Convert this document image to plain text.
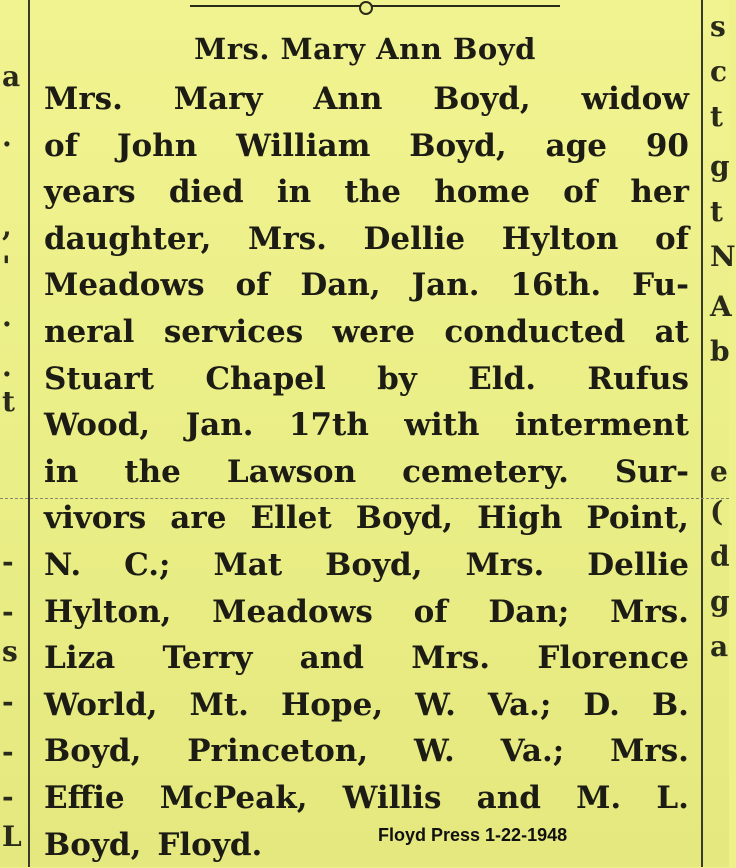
Mrs. Mary Ann Boyd
Mrs. Mary Ann Boyd, widow
of John William Boyd, age 90
years died in the home of her
daughter, Mrs. Dellie Hylton of
Meadows of Dan, Jan. 16th. Fu-
neral services were conducted at
Stuart Chapel by Eld. Rufus
Wood, Jan. 17th with interment
in the Lawson cemetery. Sur-
vivors are Ellet Boyd, High Point,
N. C.; Mat Boyd, Mrs. Dellie
Hylton, Meadows of Dan; Mrs.
Liza Terry and Mrs. Florence
World, Mt. Hope, W. Va.; D. B.
Boyd, Princeton, W. Va.; Mrs.
Effie McPeak, Willis and M. L.
Boyd, Floyd.
a
.
,
'
.
.
t
-
-
s
-
-
-
L
s
c
t
g
t
N
A
b
e
(
d
g
a
Floyd Press 1-22-1948
